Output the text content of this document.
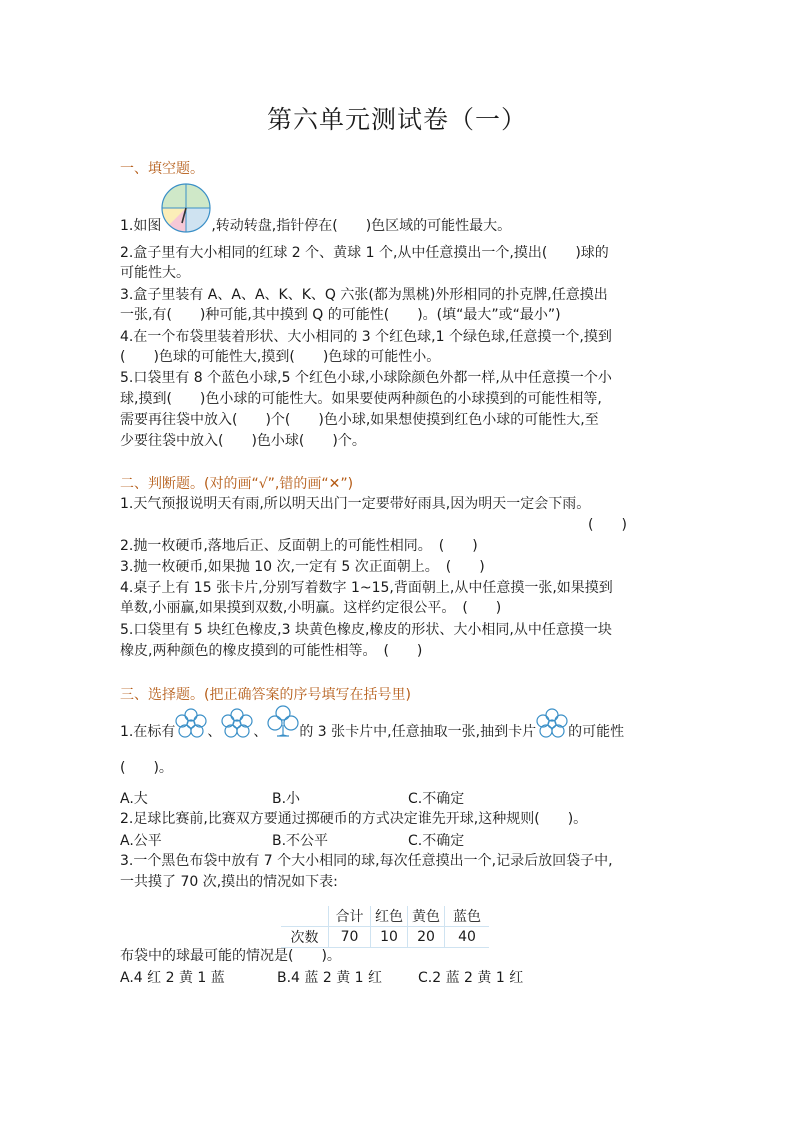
第六单元测试卷（一）
一、填空题。
1.如图	,转动转盘,指针停在(　　)色区域的可能性最大。
2.盒子里有大小相同的红球 2 个、黄球 1 个,从中任意摸出一个,摸出(　　)球的
可能性大。
3.盒子里装有 A、A、A、K、K、Q 六张(都为黑桃)外形相同的扑克牌,任意摸出
一张,有(　　)种可能,其中摸到 Q 的可能性(　　)。(填“最大”或“最小”)
4.在一个布袋里装着形状、大小相同的 3 个红色球,1 个绿色球,任意摸一个,摸到
(　　)色球的可能性大,摸到(　　)色球的可能性小。
5.口袋里有 8 个蓝色小球,5 个红色小球,小球除颜色外都一样,从中任意摸一个小
球,摸到(　　)色小球的可能性大。如果要使两种颜色的小球摸到的可能性相等,
需要再往袋中放入(　　)个(　　)色小球,如果想使摸到红色小球的可能性大,至
少要往袋中放入(　　)色小球(　　)个。
二、判断题。(对的画“√”,错的画“✕”)
1.天气预报说明天有雨,所以明天出门一定要带好雨具,因为明天一定会下雨。
(　　)
2.抛一枚硬币,落地后正、反面朝上的可能性相同。　(　　)
3.抛一枚硬币,如果抛 10 次,一定有 5 次正面朝上。　(　　)
4.桌子上有 15 张卡片,分别写着数字 1~15,背面朝上,从中任意摸一张,如果摸到
单数,小丽赢,如果摸到双数,小明赢。这样约定很公平。　(　　)
5.口袋里有 5 块红色橡皮,3 块黄色橡皮,橡皮的形状、大小相同,从中任意摸一块
橡皮,两种颜色的橡皮摸到的可能性相等。　(　　)
三、选择题。(把正确答案的序号填写在括号里)
1.在标有 、 、 的 3 张卡片中,任意抽取一张,抽到卡片 的可能性
(　　)。
A.大	B.小	C.不确定
2.足球比赛前,比赛双方要通过掷硬币的方式决定谁先开球,这种规则(　　)。
A.公平	B.不公平	C.不确定
3.一个黑色布袋中放有 7 个大小相同的球,每次任意摸出一个,记录后放回袋子中,
一共摸了 70 次,摸出的情况如下表:
	合计	红色	黄色	蓝色
次数	70	10	20	40
布袋中的球最可能的情况是(　　)。
A.4 红 2 黄 1 蓝	B.4 蓝 2 黄 1 红	C.2 蓝 2 黄 1 红
